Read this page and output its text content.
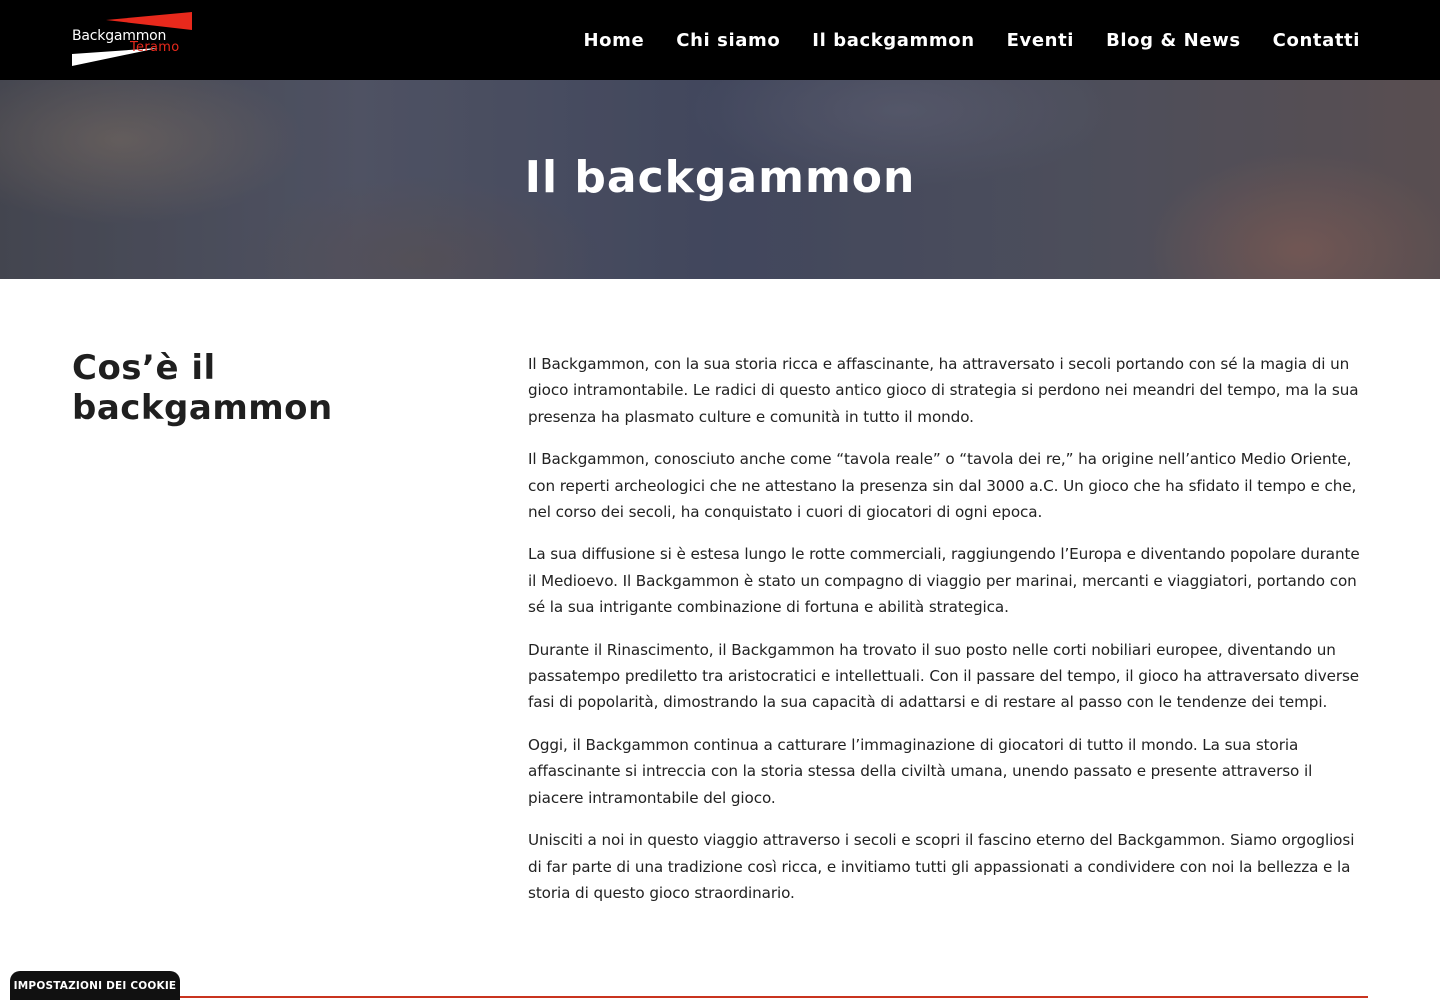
Backgammon
Teramo	Home Chi siamo Il backgammon Eventi Blog & News Contatti
Il backgammon
Cos’è il backgammon

Il Backgammon, con la sua storia ricca e affascinante, ha attraversato i secoli portando con sé la magia di un gioco intramontabile. Le radici di questo antico gioco di strategia si perdono nei meandri del tempo, ma la sua presenza ha plasmato culture e comunità in tutto il mondo.

Il Backgammon, conosciuto anche come “tavola reale” o “tavola dei re,” ha origine nell’antico Medio Oriente, con reperti archeologici che ne attestano la presenza sin dal 3000 a.C. Un gioco che ha sfidato il tempo e che, nel corso dei secoli, ha conquistato i cuori di giocatori di ogni epoca.

La sua diffusione si è estesa lungo le rotte commerciali, raggiungendo l’Europa e diventando popolare durante il Medioevo. Il Backgammon è stato un compagno di viaggio per marinai, mercanti e viaggiatori, portando con sé la sua intrigante combinazione di fortuna e abilità strategica.

Durante il Rinascimento, il Backgammon ha trovato il suo posto nelle corti nobiliari europee, diventando un passatempo prediletto tra aristocratici e intellettuali. Con il passare del tempo, il gioco ha attraversato diverse fasi di popolarità, dimostrando la sua capacità di adattarsi e di restare al passo con le tendenze dei tempi.

Oggi, il Backgammon continua a catturare l’immaginazione di giocatori di tutto il mondo. La sua storia affascinante si intreccia con la storia stessa della civiltà umana, unendo passato e presente attraverso il piacere intramontabile del gioco.

Unisciti a noi in questo viaggio attraverso i secoli e scopri il fascino eterno del Backgammon. Siamo orgogliosi di far parte di una tradizione così ricca, e invitiamo tutti gli appassionati a condividere con noi la bellezza e la storia di questo gioco straordinario.

IMPOSTAZIONI DEI COOKIE
